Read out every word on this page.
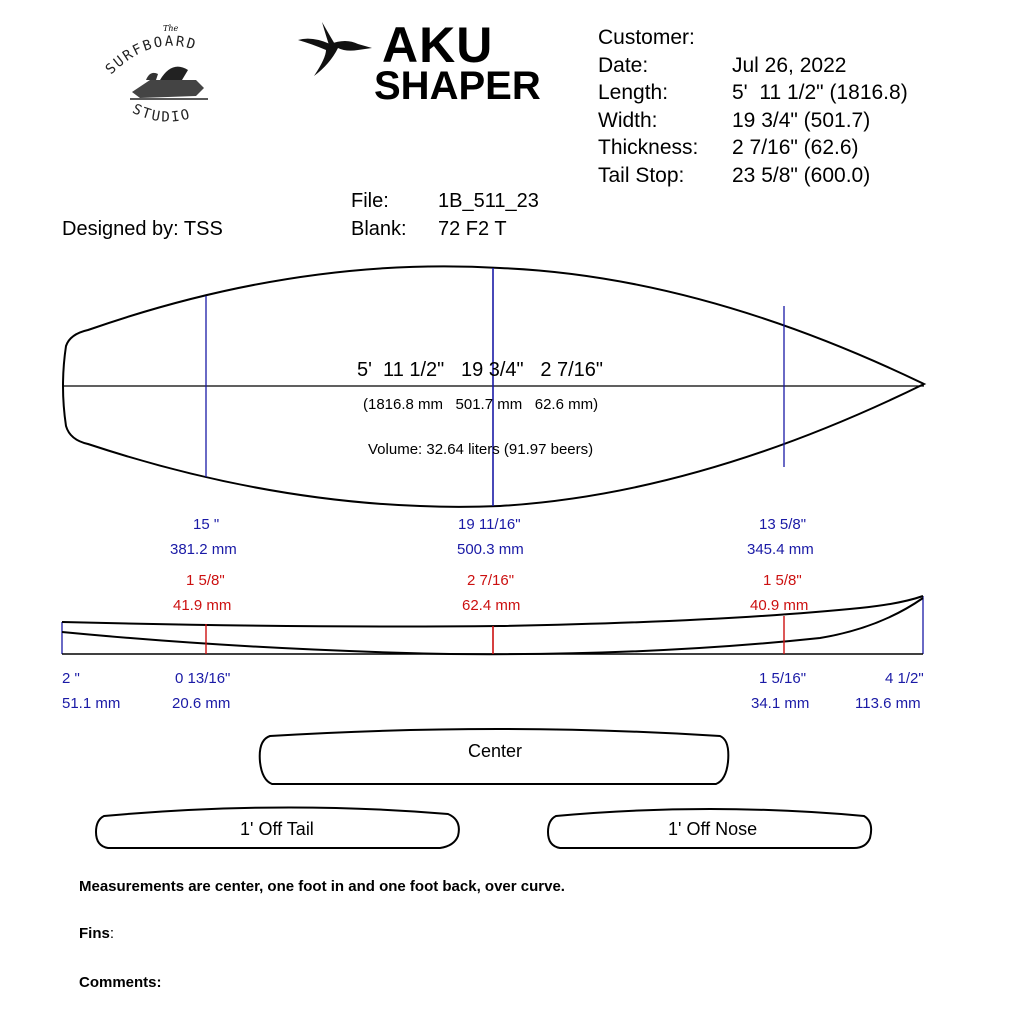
The
SURFBOARD
STUDIO
AKU
SHAPER
Customer:
Date:	Jul 26, 2022
Length:	5'  11 1/2" (1816.8)
Width:	19 3/4" (501.7)
Thickness: 2 7/16" (62.6)
Tail Stop: 23 5/8" (600.0)
File: 1B_511_23
Blank: 72 F2 T
Designed by: TSS
5'  11 1/2"   19 3/4"   2 7/16"
(1816.8 mm   501.7 mm   62.6 mm)
Volume: 32.64 liters (91.97 beers)
15 "
381.2 mm
19 11/16"
500.3 mm
13 5/8"
345.4 mm
1 5/8"
41.9 mm
2 7/16"
62.4 mm
1 5/8"
40.9 mm
2 "
51.1 mm
0 13/16"
20.6 mm
1 5/16"
34.1 mm
4 1/2"
113.6 mm
Center
1' Off Tail	1' Off Nose
Measurements are center, one foot in and one foot back, over curve.
Fins:
Comments:
